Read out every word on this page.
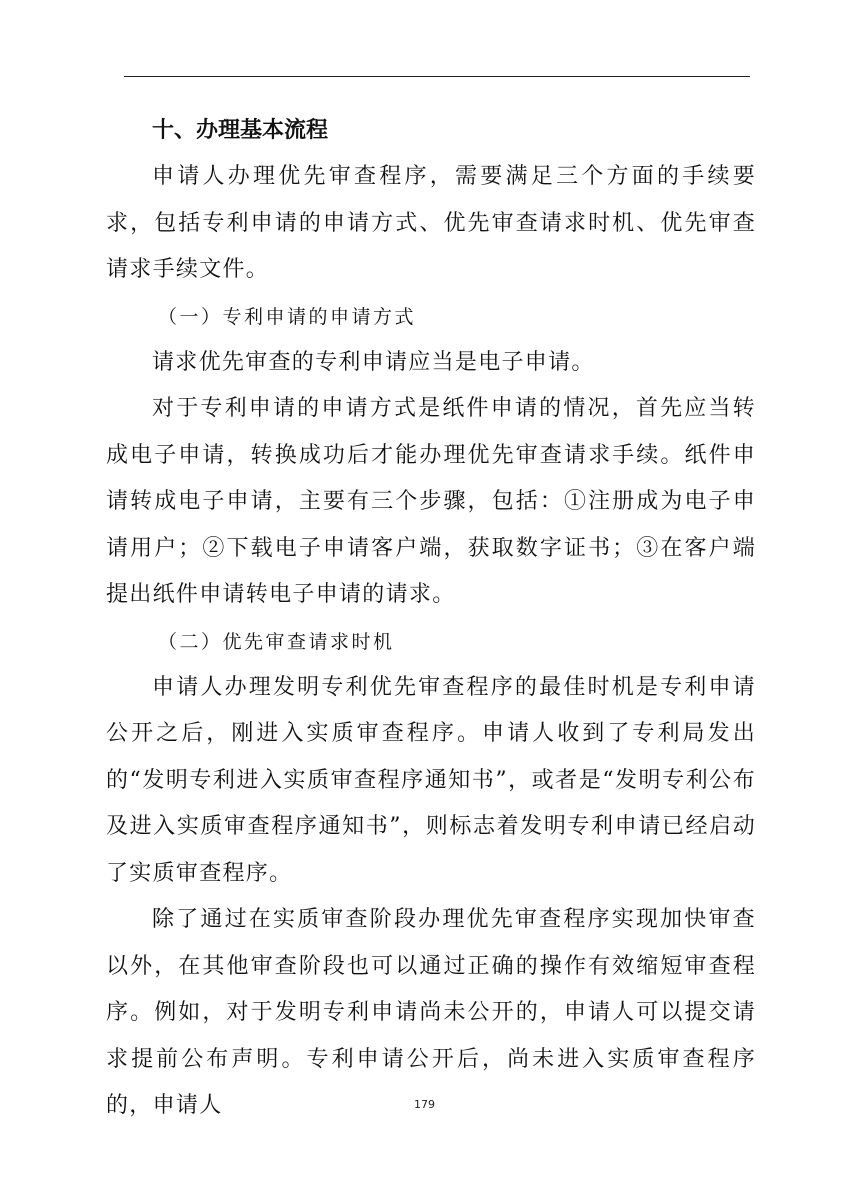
十、办理基本流程

申请人办理优先审查程序，需要满足三个方面的手续要求，包括专利申请的申请方式、优先审查请求时机、优先审查请求手续文件。

（一）专利申请的申请方式

请求优先审查的专利申请应当是电子申请。

对于专利申请的申请方式是纸件申请的情况，首先应当转成电子申请，转换成功后才能办理优先审查请求手续。纸件申请转成电子申请，主要有三个步骤，包括：①注册成为电子申请用户；②下载电子申请客户端，获取数字证书；③在客户端提出纸件申请转电子申请的请求。

（二）优先审查请求时机

申请人办理发明专利优先审查程序的最佳时机是专利申请公开之后，刚进入实质审查程序。申请人收到了专利局发出的“发明专利进入实质审查程序通知书”，或者是“发明专利公布及进入实质审查程序通知书”，则标志着发明专利申请已经启动了实质审查程序。

除了通过在实质审查阶段办理优先审查程序实现加快审查以外，在其他审查阶段也可以通过正确的操作有效缩短审查程序。例如，对于发明专利申请尚未公开的，申请人可以提交请求提前公布声明。专利申请公开后，尚未进入实质审查程序的，申请人	179
